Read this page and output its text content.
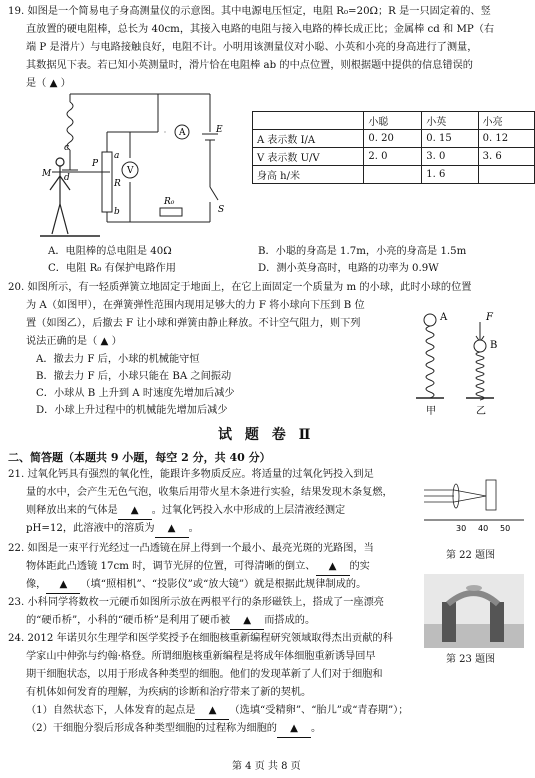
19. 如图是一个简易电子身高测量仪的示意图。其中电源电压恒定，电阻 R₀=20Ω；R 是一只固定着的、竖
直放置的硬电阻棒，总长为 40cm，其接入电路的电阻与接入电路的棒长成正比；金属棒 cd 和 MP（右
端 P 是滑片）与电路接触良好，电阻不计。小明用该测量仪对小聪、小英和小亮的身高进行了测量，
其数据见下表。若已知小英测量时，滑片恰在电阻棒 ab 的中点位置，则根据题中提供的信息错误的
是（ ▲ ）
c
M d
P
a
b
R
A
V
E
R₀
S
	小聪	小英	小亮
A 表示数 I/A	0. 20	0. 15	0. 12
V 表示数 U/V	2. 0	3. 0	3. 6
身高 h/米		1. 6	
A．电阻棒的总电阻是 40Ω	B．小聪的身高是 1.7m，小亮的身高是 1.5m
C．电阻 R₀ 有保护电路作用	D．测小英身高时，电路的功率为 0.9W
20. 如图所示，有一轻质弹簧立地固定于地面上，在它上面固定一个质量为 m 的小球，此时小球的位置
为 A（如图甲），在弹簧弹性范围内现用足够大的力 F 将小球向下压到 B 位
置（如图乙），后撤去 F 让小球和弹簧由静止释放。不计空气阻力，则下列
说法正确的是（ ▲ ）
A．撤去力 F 后，小球的机械能守恒
B．撤去力 F 后，小球只能在 BA 之间振动
C．小球从 B 上升到 A 时速度先增加后减少
D．小球上升过程中的机械能先增加后减少
A	F
B
甲	乙
试 题 卷 Ⅱ
二、简答题（本题共 9 小题，每空 2 分，共 40 分）
21. 过氧化钙具有强烈的氧化性，能跟许多物质反应。将适量的过氧化钙投入到足
量的水中，会产生无色气泡，收集后用带火星木条进行实验，结果发现木条复燃，
则释放出来的气体是 ▲ 。过氧化钙投入水中形成的上层清液经测定
pH=12，此溶液中的溶质为 ▲ 。
22. 如图是一束平行光经过一凸透镜在屏上得到一个最小、最亮光斑的光路图，当
物体距此凸透镜 17cm 时，调节光屏的位置，可得清晰的倒立、 ▲ 的实
像， ▲ （填“照相机”、“投影仪”或“放大镜”）就是根据此规律制成的。
30 40 50
第 22 题图
23. 小科同学将数枚一元硬币如图所示放在两根平行的条形磁铁上，搭成了一座漂亮
的“硬币桥”，小科的“硬币桥”是利用了硬币被 ▲ 而搭成的。
第 23 题图
24. 2012 年诺贝尔生理学和医学奖授予在细胞核重新编程研究领域取得杰出贡献的科
学家山中伸弥与约翰·格登。所谓细胞核重新编程是将成年体细胞重新诱导回早
期干细胞状态，以用于形成各种类型的细胞。他们的发现革新了人们对于细胞和
有机体如何发育的理解，为疾病的诊断和治疗带来了新的契机。
（1）自然状态下，人体发育的起点是 ▲ （选填“受精卵”、“胎儿”或“青春期”）；
（2）干细胞分裂后形成各种类型细胞的过程称为细胞的 ▲ 。
第 4 页 共 8 页
